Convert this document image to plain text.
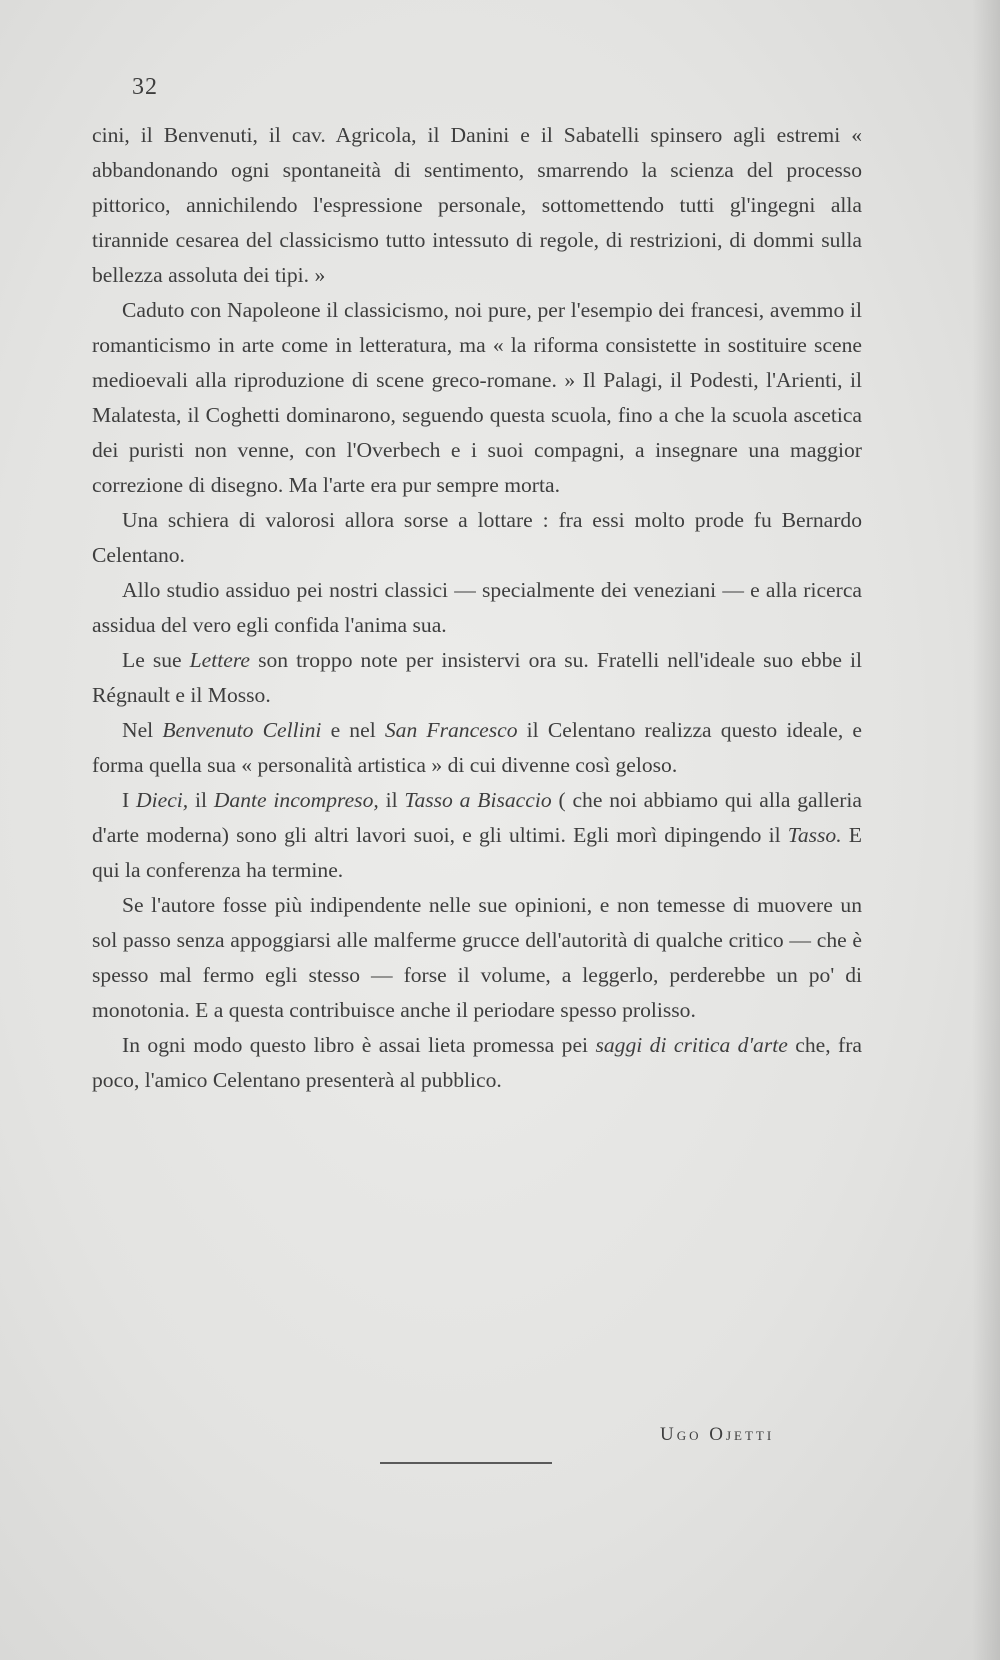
32

cini, il Benvenuti, il cav. Agricola, il Danini e il Sabatelli spinsero agli estremi « abbandonando ogni spontaneità di sentimento, smarrendo la scienza del processo pittorico, annichilendo l'espressione personale, sottomettendo tutti gl'ingegni alla tirannide cesarea del classicismo tutto intessuto di regole, di restrizioni, di dommi sulla bellezza assoluta dei tipi. »

Caduto con Napoleone il classicismo, noi pure, per l'esempio dei francesi, avemmo il romanticismo in arte come in letteratura, ma « la riforma consistette in sostituire scene medioevali alla riproduzione di scene greco-romane. » Il Palagi, il Podesti, l'Arienti, il Malatesta, il Coghetti dominarono, seguendo questa scuola, fino a che la scuola ascetica dei puristi non venne, con l'Overbech e i suoi compagni, a insegnare una maggior correzione di disegno. Ma l'arte era pur sempre morta.

Una schiera di valorosi allora sorse a lottare : fra essi molto prode fu Bernardo Celentano.

Allo studio assiduo pei nostri classici — specialmente dei veneziani — e alla ricerca assidua del vero egli confida l'anima sua.

Le sue Lettere son troppo note per insistervi ora su. Fratelli nell'ideale suo ebbe il Régnault e il Mosso.

Nel Benvenuto Cellini e nel San Francesco il Celentano realizza questo ideale, e forma quella sua « personalità artistica » di cui divenne così geloso.

I Dieci, il Dante incompreso, il Tasso a Bisaccio ( che noi abbiamo qui alla galleria d'arte moderna) sono gli altri lavori suoi, e gli ultimi. Egli morì dipingendo il Tasso. E qui la conferenza ha termine.

Se l'autore fosse più indipendente nelle sue opinioni, e non temesse di muovere un sol passo senza appoggiarsi alle malferme grucce dell'autorità di qualche critico — che è spesso mal fermo egli stesso — forse il volume, a leggerlo, perderebbe un po' di monotonia. E a questa contribuisce anche il periodare spesso prolisso.

In ogni modo questo libro è assai lieta promessa pei saggi di critica d'arte che, fra poco, l'amico Celentano presenterà al pubblico.

Ugo Ojetti
